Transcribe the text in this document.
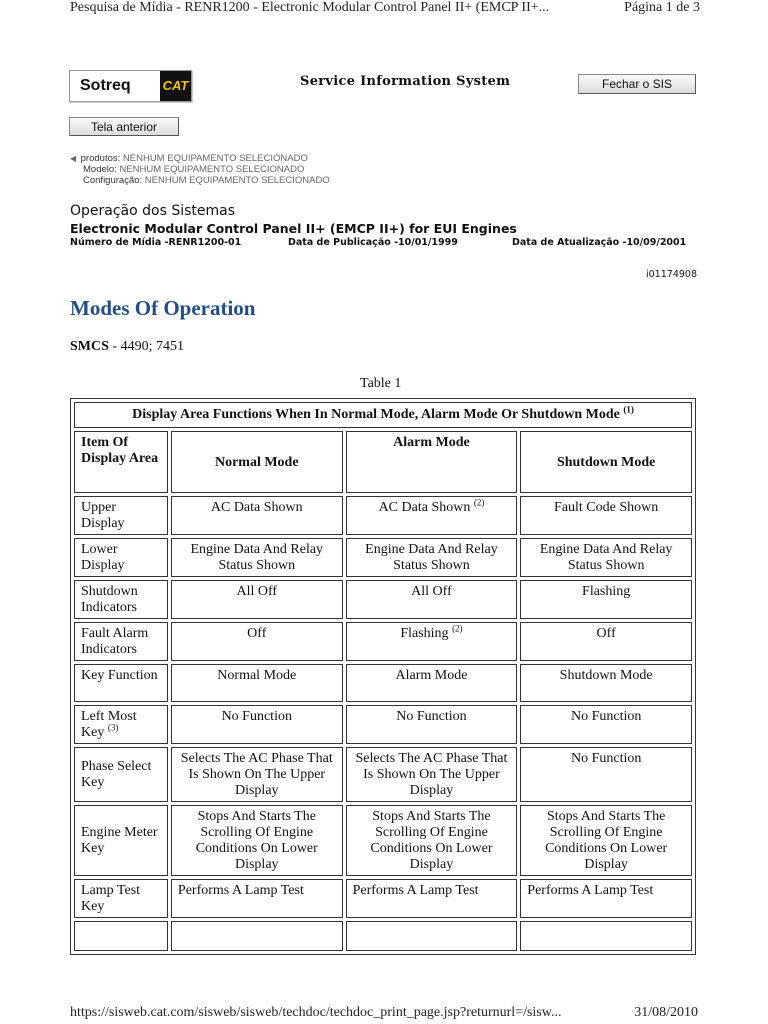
Pesquisa de Mídia - RENR1200 - Electronic Modular Control Panel II+ (EMCP II+...	Página 1 de 3
Sotreq CAT	Service Information System	Fechar o SIS
Tela anterior
◀ produtos: NENHUM EQUIPAMENTO SELECIONADO
Modelo: NENHUM EQUIPAMENTO SELECIONADO
Configuração: NENHUM EQUIPAMENTO SELECIONADO
Operação dos Sistemas
Electronic Modular Control Panel II+ (EMCP II+) for EUI Engines
Número de Mídia -RENR1200-01	Data de Publicação -10/01/1999	Data de Atualização -10/09/2001
i01174908
Modes Of Operation
SMCS - 4490; 7451
Table 1
Display Area Functions When In Normal Mode, Alarm Mode Or Shutdown Mode $^{(1)}$
Item Of Display Area	Normal Mode	Alarm Mode	Shutdown Mode
Upper Display	AC Data Shown	AC Data Shown $^{(2)}$	Fault Code Shown
Lower Display	Engine Data And Relay Status Shown	Engine Data And Relay Status Shown	Engine Data And Relay Status Shown
Shutdown Indicators	All Off	All Off	Flashing
Fault Alarm Indicators	Off	Flashing $^{(2)}$	Off
Key Function	Normal Mode	Alarm Mode	Shutdown Mode
Left Most Key $^{(3)}$	No Function	No Function	No Function
Phase Select Key	Selects The AC Phase That Is Shown On The Upper Display	Selects The AC Phase That Is Shown On The Upper Display	No Function
Engine Meter Key	Stops And Starts The Scrolling Of Engine Conditions On Lower Display	Stops And Starts The Scrolling Of Engine Conditions On Lower Display	Stops And Starts The Scrolling Of Engine Conditions On Lower Display
Lamp Test Key	Performs A Lamp Test	Performs A Lamp Test	Performs A Lamp Test

https://sisweb.cat.com/sisweb/sisweb/techdoc/techdoc_print_page.jsp?returnurl=/sisw...	31/08/2010
